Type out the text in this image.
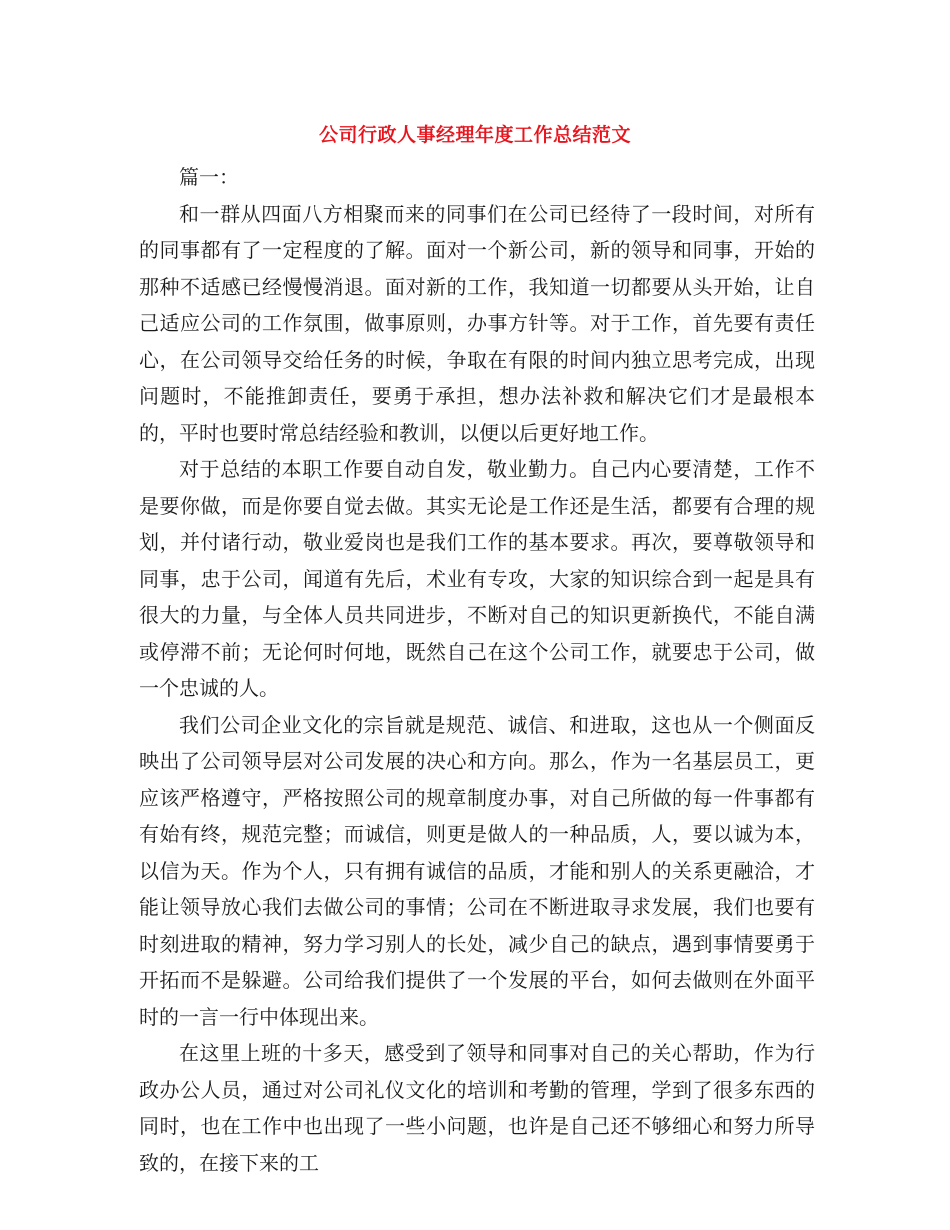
公司行政人事经理年度工作总结范文

篇一：

和一群从四面八方相聚而来的同事们在公司已经待了一段时间，对所有的同事都有了一定程度的了解。面对一个新公司，新的领导和同事，开始的那种不适感已经慢慢消退。面对新的工作，我知道一切都要从头开始，让自己适应公司的工作氛围，做事原则，办事方针等。对于工作，首先要有责任心，在公司领导交给任务的时候，争取在有限的时间内独立思考完成，出现问题时，不能推卸责任，要勇于承担，想办法补救和解决它们才是最根本的，平时也要时常总结经验和教训，以便以后更好地工作。

对于总结的本职工作要自动自发，敬业勤力。自己内心要清楚，工作不是要你做，而是你要自觉去做。其实无论是工作还是生活，都要有合理的规划，并付诸行动，敬业爱岗也是我们工作的基本要求。再次，要尊敬领导和同事，忠于公司，闻道有先后，术业有专攻，大家的知识综合到一起是具有很大的力量，与全体人员共同进步，不断对自己的知识更新换代，不能自满或停滞不前；无论何时何地，既然自己在这个公司工作，就要忠于公司，做一个忠诚的人。

我们公司企业文化的宗旨就是规范、诚信、和进取，这也从一个侧面反映出了公司领导层对公司发展的决心和方向。那么，作为一名基层员工，更应该严格遵守，严格按照公司的规章制度办事，对自己所做的每一件事都有有始有终，规范完整；而诚信，则更是做人的一种品质，人，要以诚为本，以信为天。作为个人，只有拥有诚信的品质，才能和别人的关系更融洽，才能让领导放心我们去做公司的事情；公司在不断进取寻求发展，我们也要有时刻进取的精神，努力学习别人的长处，减少自己的缺点，遇到事情要勇于开拓而不是躲避。公司给我们提供了一个发展的平台，如何去做则在外面平时的一言一行中体现出来。

在这里上班的十多天，感受到了领导和同事对自己的关心帮助，作为行政办公人员，通过对公司礼仪文化的培训和考勤的管理，学到了很多东西的同时，也在工作中也出现了一些小问题，也许是自己还不够细心和努力所导致的，在接下来的工
